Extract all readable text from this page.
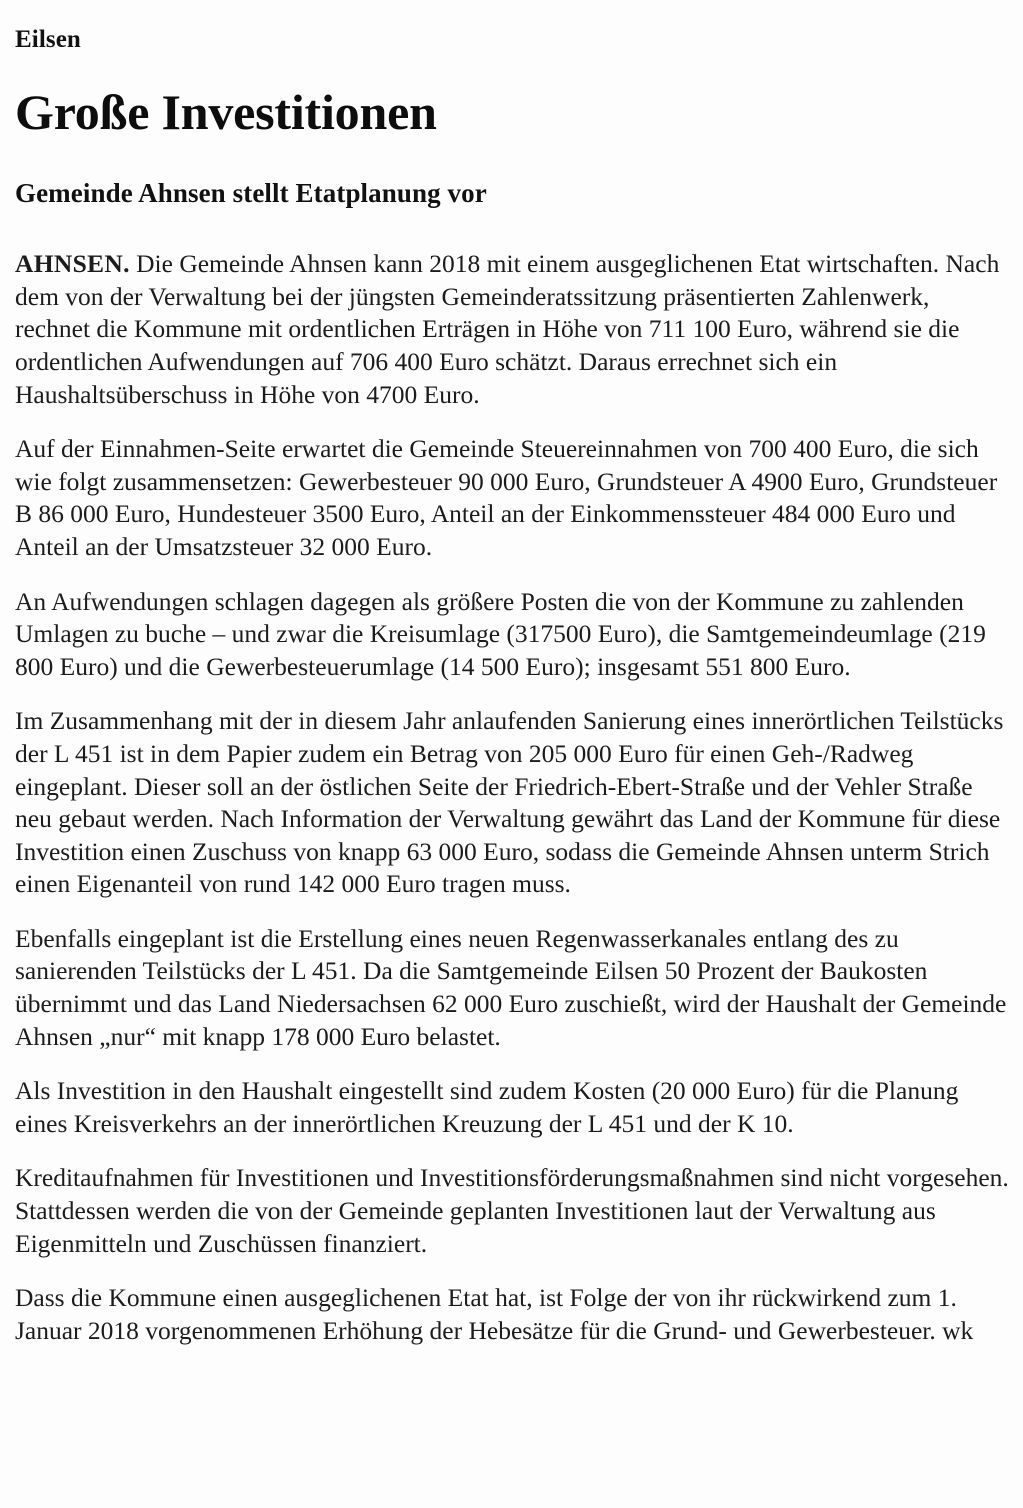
Eilsen
Große Investitionen
Gemeinde Ahnsen stellt Etatplanung vor

AHNSEN. Die Gemeinde Ahnsen kann 2018 mit einem ausgeglichenen Etat wirtschaften. Nach dem von der Verwaltung bei der jüngsten Gemeinderatssitzung präsentierten Zahlenwerk, rechnet die Kommune mit ordentlichen Erträgen in Höhe von 711 100 Euro, während sie die ordentlichen Aufwendungen auf 706 400 Euro schätzt. Daraus errechnet sich ein Haushaltsüberschuss in Höhe von 4700 Euro.

Auf der Einnahmen-Seite erwartet die Gemeinde Steuereinnahmen von 700 400 Euro, die sich wie folgt zusammensetzen: Gewerbesteuer 90 000 Euro, Grundsteuer A 4900 Euro, Grundsteuer B 86 000 Euro, Hundesteuer 3500 Euro, Anteil an der Einkommenssteuer 484 000 Euro und Anteil an der Umsatzsteuer 32 000 Euro.

An Aufwendungen schlagen dagegen als größere Posten die von der Kommune zu zahlenden Umlagen zu buche – und zwar die Kreisumlage (317500 Euro), die Samtgemeindeumlage (219 800 Euro) und die Gewerbesteuerumlage (14 500 Euro); insgesamt 551 800 Euro.

Im Zusammenhang mit der in diesem Jahr anlaufenden Sanierung eines innerörtlichen Teilstücks der L 451 ist in dem Papier zudem ein Betrag von 205 000 Euro für einen Geh-/Radweg eingeplant. Dieser soll an der östlichen Seite der Friedrich-Ebert-Straße und der Vehler Straße neu gebaut werden. Nach Information der Verwaltung gewährt das Land der Kommune für diese Investition einen Zuschuss von knapp 63 000 Euro, sodass die Gemeinde Ahnsen unterm Strich einen Eigenanteil von rund 142 000 Euro tragen muss.

Ebenfalls eingeplant ist die Erstellung eines neuen Regenwasserkanales entlang des zu sanierenden Teilstücks der L 451. Da die Samtgemeinde Eilsen 50 Prozent der Baukosten übernimmt und das Land Niedersachsen 62 000 Euro zuschießt, wird der Haushalt der Gemeinde Ahnsen „nur“ mit knapp 178 000 Euro belastet.

Als Investition in den Haushalt eingestellt sind zudem Kosten (20 000 Euro) für die Planung eines Kreisverkehrs an der innerörtlichen Kreuzung der L 451 und der K 10.

Kreditaufnahmen für Investitionen und Investitionsförderungsmaßnahmen sind nicht vorgesehen. Stattdessen werden die von der Gemeinde geplanten Investitionen laut der Verwaltung aus Eigenmitteln und Zuschüssen finanziert.

Dass die Kommune einen ausgeglichenen Etat hat, ist Folge der von ihr rückwirkend zum 1. Januar 2018 vorgenommenen Erhöhung der Hebesätze für die Grund- und Gewerbesteuer. wk
